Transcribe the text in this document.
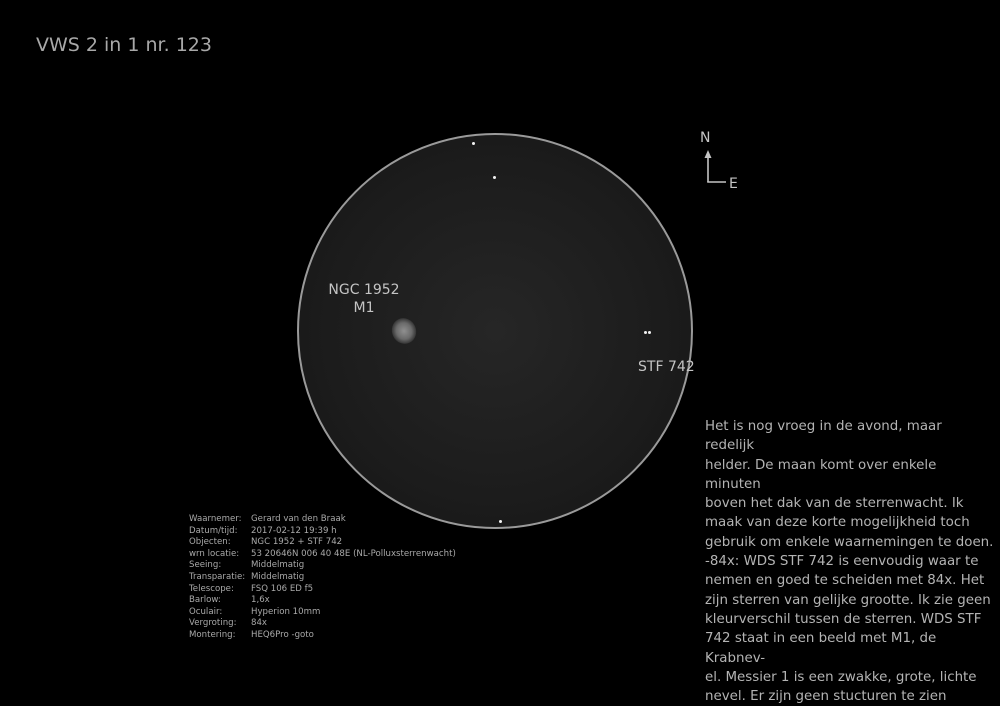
VWS 2 in 1 nr. 123
NGC 1952
M1
STF 742
N
E
Het is nog vroeg in de avond, maar redelijk
helder. De maan komt over enkele minuten
boven het dak van de sterrenwacht. Ik
maak van deze korte mogelijkheid toch
gebruik om enkele waarnemingen te doen.
-84x: WDS STF 742 is eenvoudig waar te
nemen en goed te scheiden met 84x. Het
zijn sterren van gelijke grootte. Ik zie geen
kleurverschil tussen de sterren. WDS STF
742 staat in een beeld met M1, de Krabnev-
el. Messier 1 is een zwakke, grote, lichte
nevel. Er zijn geen stucturen te zien
Waarnemer:	Gerard van den Braak
Datum/tijd:	2017-02-12 19:39 h
Objecten:	NGC 1952 + STF 742
wrn locatie:	53 20646N 006 40 48E (NL-Polluxsterrenwacht)
Seeing:	Middelmatig
Transparatie: Middelmatig
Telescope:	FSQ 106 ED f5
Barlow:	1,6x
Oculair:	Hyperion 10mm
Vergroting:	84x
Montering:	HEQ6Pro -goto
